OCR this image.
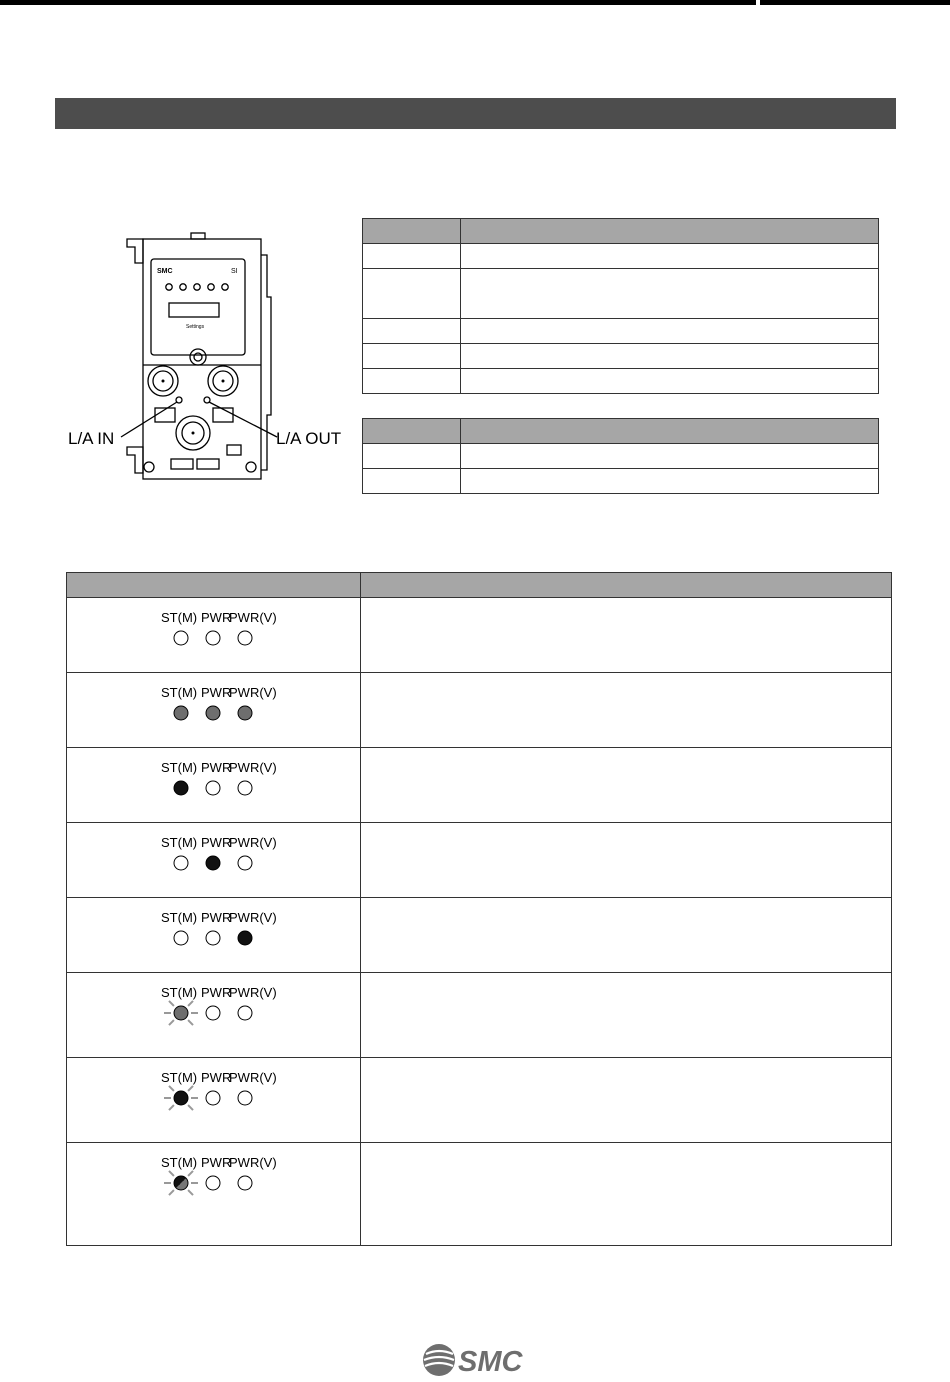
SMC	SI
Settings
L/A IN	L/A OUT

ST(M) PWR
PWR(V)	

ST(M) PWR
PWR(V)	

ST(M) PWR
PWR(V)	

ST(M) PWR
PWR(V)	

ST(M) PWR
PWR(V)	

ST(M) PWR
PWR(V)	

ST(M) PWR
PWR(V)	

ST(M) PWR
PWR(V)	

SMC
